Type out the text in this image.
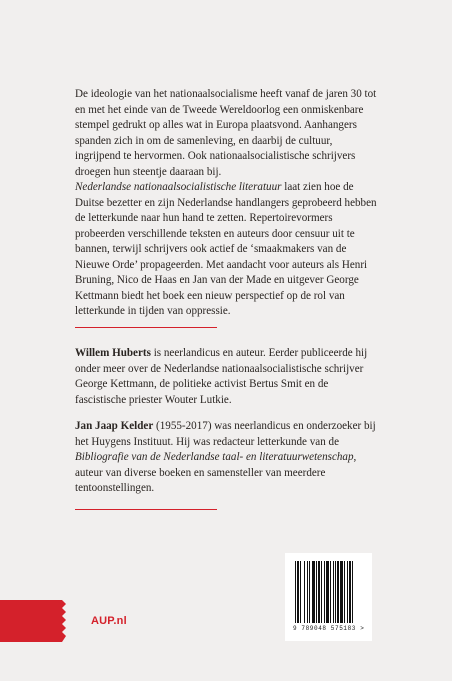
De ideologie van het nationaalsocialisme heeft vanaf de jaren 30 tot en met het einde van de Tweede Wereldoorlog een onmiskenbare stempel gedrukt op alles wat in Europa plaatsvond. Aanhangers spanden zich in om de samenleving, en daarbij de cultuur, ingrijpend te hervormen. Ook nationaalsocialistische schrijvers droegen hun steentje daaraan bij.
Nederlandse nationaalsocialistische literatuur laat zien hoe de Duitse bezetter en zijn Nederlandse handlangers geprobeerd hebben de letterkunde naar hun hand te zetten. Repertoirevormers probeerden verschillende teksten en auteurs door censuur uit te bannen, terwijl schrijvers ook actief de ‘smaakmakers van de Nieuwe Orde’ propageerden. Met aandacht voor auteurs als Henri Bruning, Nico de Haas en Jan van der Made en uitgever George Kettmann biedt het boek een nieuw perspectief op de rol van letterkunde in tijden van oppressie.

Willem Huberts is neerlandicus en auteur. Eerder publiceerde hij onder meer over de Nederlandse nationaalsocialistische schrijver George Kettmann, de politieke activist Bertus Smit en de fascistische priester Wouter Lutkie.

Jan Jaap Kelder (1955-2017) was neerlandicus en onderzoeker bij het Huygens Instituut. Hij was redacteur letterkunde van de Bibliografie van de Nederlandse taal- en literatuurwetenschap, auteur van diverse boeken en samensteller van meerdere tentoonstellingen.

9 789048 575183 >
AUP.nl
